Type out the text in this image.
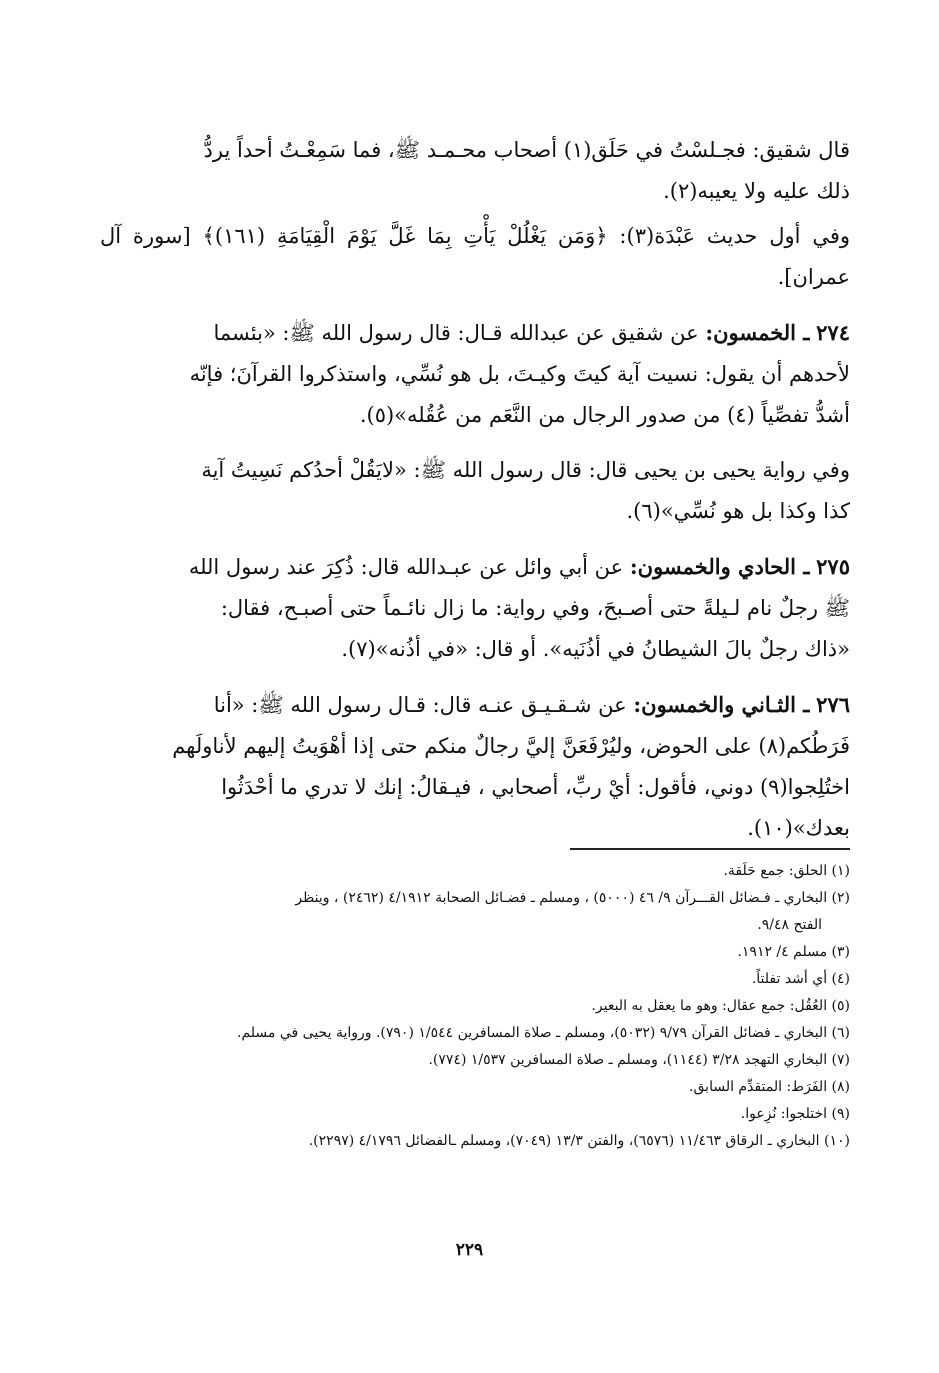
قال شقيق: فجـلسْتُ في حَلَق(١) أصحاب محـمـد ﷺ، فما سَمِعْـتُ أحداً يردُّ
ذلك عليه ولا يعيبه(٢).

وفي أول حديث عَبْدَة(٣): ﴿وَمَن يَغْلُلْ يَأْتِ بِمَا غَلَّ يَوْمَ الْقِيَامَةِ (١٦١)﴾ [سورة آل عمران].

٢٧٤ ـ الخمسون: عن شقيق عن عبدالله قـال: قال رسول الله ﷺ: «بئسما
لأحدهم أن يقول: نسيت آية كيتَ وكيـتَ، بل هو نُسِّي، واستذكروا القرآنَ؛ فإنّه
أشدُّ تفصِّياً (٤) من صدور الرجال من النَّعَم من عُقُله»(٥).

وفي رواية يحيى بن يحيى قال: قال رسول الله ﷺ: «لايَقُلْ أحدُكم نَسِيتُ آية
كذا وكذا بل هو نُسِّي»(٦).

٢٧٥ ـ الحادي والخمسون: عن أبي وائل عن عبـدالله قال: ذُكِرَ عند رسول الله
ﷺ رجلٌ نام لـيلةً حتى أصـبحَ، وفي رواية: ما زال نائـماً حتى أصبـح، فقال:
«ذاك رجلٌ بالَ الشيطانُ في أذُنَيه». أو قال: «في أذُنه»(٧).

٢٧٦ ـ الثـاني والخمسون: عن شـقـيـق عنـه قال: قـال رسول الله ﷺ: «أنا
فَرَطُكم(٨) على الحوض، وليُرْفَعَنَّ إليَّ رجالٌ منكم حتى إذا أهْوَيتُ إليهم لأناولَهم
اختُلِجوا(٩) دوني، فأقول: أيْ ربِّ، أصحابي ، فيـقالُ: إنك لا تدري ما أحْدَثُوا
بعدك»(١٠).

(١) الحلق: جمع حَلَقة.

(٢) البخاري ـ فـضائل القـــرآن ٩/ ٤٦ (٥٠٠٠) ، ومسلم ـ فضـائل الصحابة ٤/١٩١٢ (٢٤٦٢) ، وينظر

الفتح ٩/٤٨.

(٣) مسلم ٤/ ١٩١٢.

(٤) أي أشد تفلتاً.

(٥) العُقُل: جمع عقال: وهو ما يعقل به البعير.

(٦) البخاري ـ فضائل القرآن ٩/٧٩ (٥٠٣٢)، ومسلم ـ صلاة المسافرين ١/٥٤٤ (٧٩٠). ورواية يحيى في مسلم.

(٧) البخاري التهجد ٣/٢٨ (١١٤٤)، ومسلم ـ صلاة المسافرين ١/٥٣٧ (٧٧٤).

(٨) الفَرَط: المتقدِّم السابق.

(٩) اختلجوا: نُزِعوا.

(١٠) البخاري ـ الرقاق ١١/٤٦٣ (٦٥٧٦)، والفتن ١٣/٣ (٧٠٤٩)، ومسلم ـالفضائل ٤/١٧٩٦ (٢٢٩٧).

٢٢٩
